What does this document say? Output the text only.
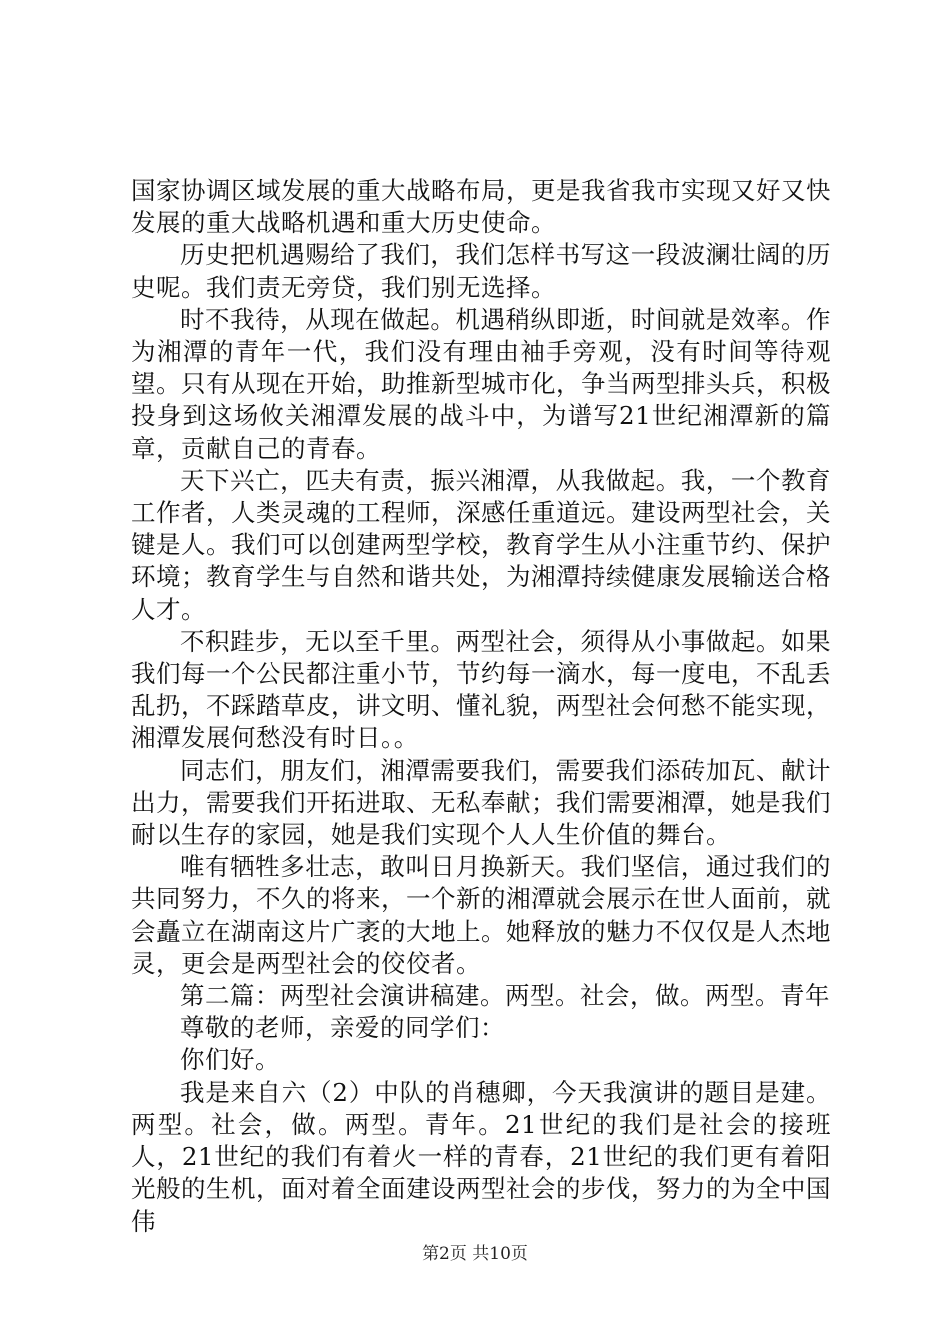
国家协调区域发展的重大战略布局，更是我省我市实现又好又快发展的重大战略机遇和重大历史使命。

历史把机遇赐给了我们，我们怎样书写这一段波澜壮阔的历史呢。我们责无旁贷，我们别无选择。

时不我待，从现在做起。机遇稍纵即逝，时间就是效率。作为湘潭的青年一代，我们没有理由袖手旁观，没有时间等待观望。只有从现在开始，助推新型城市化，争当两型排头兵，积极投身到这场攸关湘潭发展的战斗中，为谱写21世纪湘潭新的篇章，贡献自己的青春。

天下兴亡，匹夫有责，振兴湘潭，从我做起。我，一个教育工作者，人类灵魂的工程师，深感任重道远。建设两型社会，关键是人。我们可以创建两型学校，教育学生从小注重节约、保护环境；教育学生与自然和谐共处，为湘潭持续健康发展输送合格人才。

不积跬步，无以至千里。两型社会，须得从小事做起。如果我们每一个公民都注重小节，节约每一滴水，每一度电，不乱丢乱扔，不踩踏草皮，讲文明、懂礼貌，两型社会何愁不能实现，湘潭发展何愁没有时日。。

同志们，朋友们，湘潭需要我们，需要我们添砖加瓦、献计出力，需要我们开拓进取、无私奉献；我们需要湘潭，她是我们耐以生存的家园，她是我们实现个人人生价值的舞台。

唯有牺牲多壮志，敢叫日月换新天。我们坚信，通过我们的共同努力，不久的将来，一个新的湘潭就会展示在世人面前，就会矗立在湖南这片广袤的大地上。她释放的魅力不仅仅是人杰地灵，更会是两型社会的佼佼者。

第二篇：两型社会演讲稿建。两型。社会，做。两型。青年

尊敬的老师，亲爱的同学们：

你们好。

我是来自六（2）中队的肖穗卿，今天我演讲的题目是建。两型。社会，做。两型。青年。21世纪的我们是社会的接班人，21世纪的我们有着火一样的青春，21世纪的我们更有着阳光般的生机，面对着全面建设两型社会的步伐，努力的为全中国伟

第2页 共10页
